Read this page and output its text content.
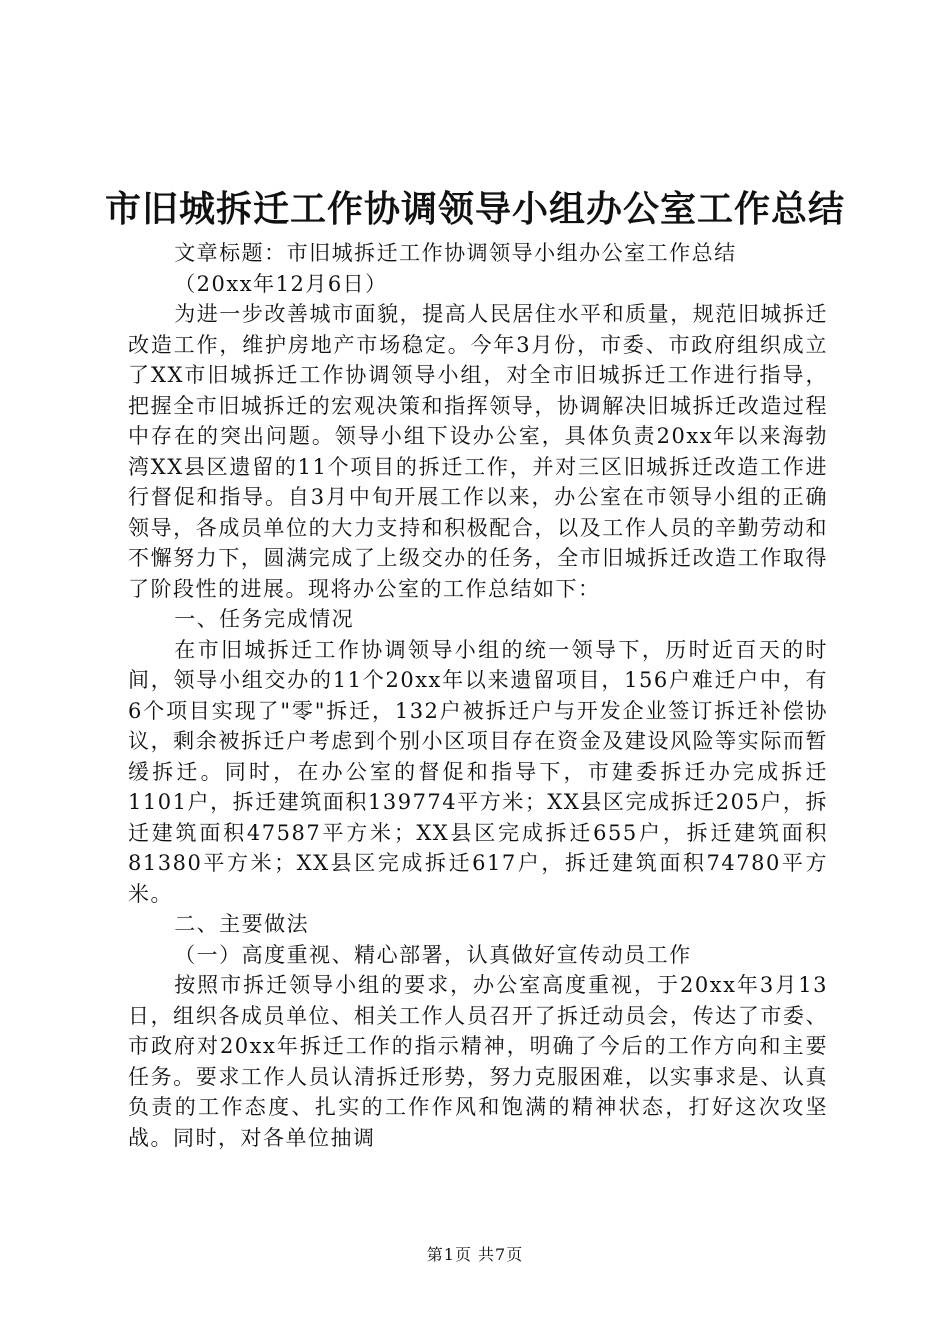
市旧城拆迁工作协调领导小组办公室工作总结

文章标题：市旧城拆迁工作协调领导小组办公室工作总结

（20xx年12月6日）

为进一步改善城市面貌，提高人民居住水平和质量，规范旧城拆迁改造工作，维护房地产市场稳定。今年3月份，市委、市政府组织成立了XX市旧城拆迁工作协调领导小组，对全市旧城拆迁工作进行指导，把握全市旧城拆迁的宏观决策和指挥领导，协调解决旧城拆迁改造过程中存在的突出问题。领导小组下设办公室，具体负责20xx年以来海勃湾XX县区遗留的11个项目的拆迁工作，并对三区旧城拆迁改造工作进行督促和指导。自3月中旬开展工作以来，办公室在市领导小组的正确领导，各成员单位的大力支持和积极配合，以及工作人员的辛勤劳动和不懈努力下，圆满完成了上级交办的任务，全市旧城拆迁改造工作取得了阶段性的进展。现将办公室的工作总结如下：

一、任务完成情况

在市旧城拆迁工作协调领导小组的统一领导下，历时近百天的时间，领导小组交办的11个20xx年以来遗留项目，156户难迁户中，有6个项目实现了"零"拆迁，132户被拆迁户与开发企业签订拆迁补偿协议，剩余被拆迁户考虑到个别小区项目存在资金及建设风险等实际而暂缓拆迁。同时，在办公室的督促和指导下，市建委拆迁办完成拆迁1101户，拆迁建筑面积139774平方米；XX县区完成拆迁205户，拆迁建筑面积47587平方米；XX县区完成拆迁655户，拆迁建筑面积81380平方米；XX县区完成拆迁617户，拆迁建筑面积74780平方米。

二、主要做法

（一）高度重视、精心部署，认真做好宣传动员工作

按照市拆迁领导小组的要求，办公室高度重视，于20xx年3月13日，组织各成员单位、相关工作人员召开了拆迁动员会，传达了市委、市政府对20xx年拆迁工作的指示精神，明确了今后的工作方向和主要任务。要求工作人员认清拆迁形势，努力克服困难，以实事求是、认真负责的工作态度、扎实的工作作风和饱满的精神状态，打好这次攻坚战。同时，对各单位抽调

第1页 共7页
